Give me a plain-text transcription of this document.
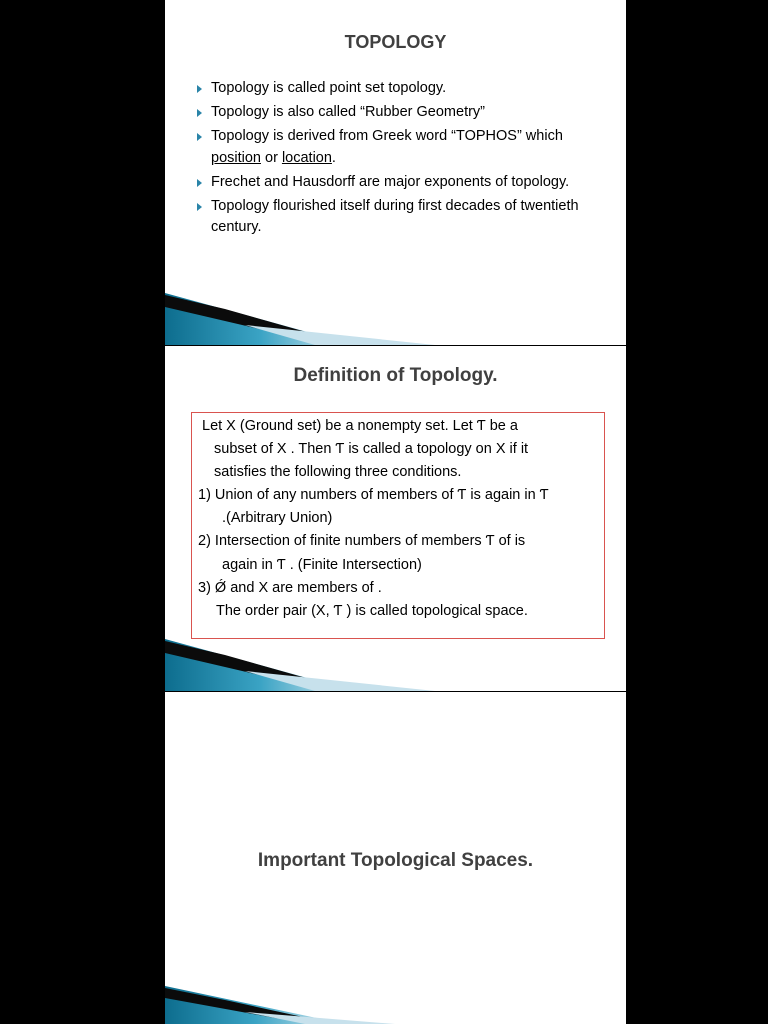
TOPOLOGY
Topology is called point set topology.
Topology is also called “Rubber Geometry”
Topology is derived from Greek word “TOPHOS” which position or location.
Frechet and Hausdorff are major exponents of topology.
Topology flourished itself during first decades of twentieth century.
Definition of Topology.
Let X (Ground set) be a nonempty set. Let Ƭ be a
subset of X . Then Ƭ is called a topology on X if it
satisfies the following three conditions.
1) Union of any numbers of members of Ƭ is again in Ƭ
.(Arbitrary Union)
2) Intersection of finite numbers of members Ƭ of is
again in Ƭ . (Finite Intersection)
3) Ǿ and X are members of .
The order pair (X, Ƭ ) is called topological space.
Important Topological Spaces.
